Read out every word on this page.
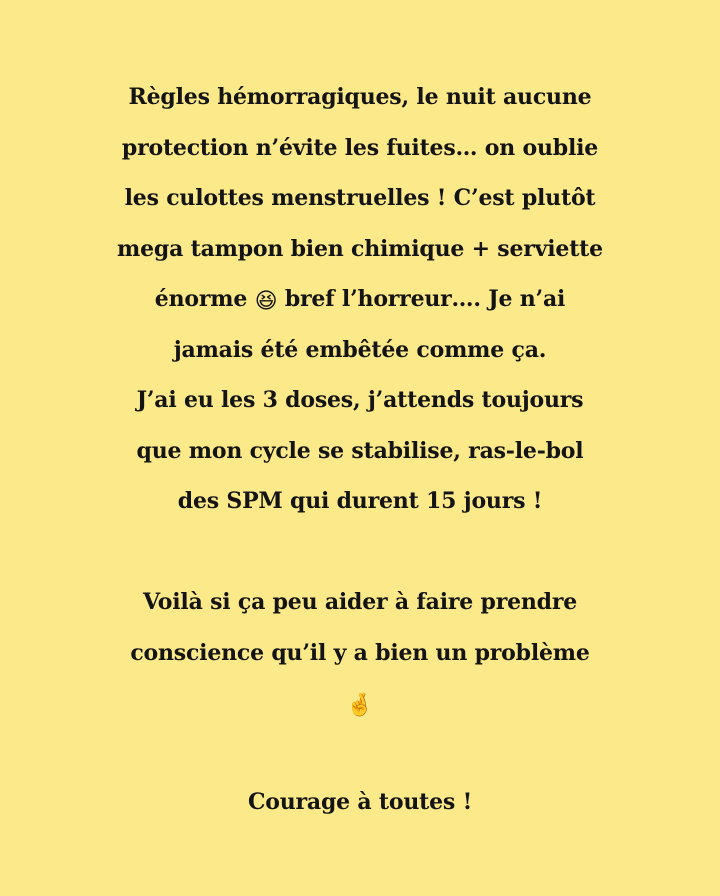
Règles hémorragiques, le nuit aucune
protection n’évite les fuites… on oublie
les culottes menstruelles ! C’est plutôt
mega tampon bien chimique + serviette
énorme 😆 bref l’horreur…. Je n’ai
jamais été embêtée comme ça.
J’ai eu les 3 doses, j’attends toujours
que mon cycle se stabilise, ras-le-bol
des SPM qui durent 15 jours !
Voilà si ça peu aider à faire prendre
conscience qu’il y a bien un problème
🤞
Courage à toutes !
